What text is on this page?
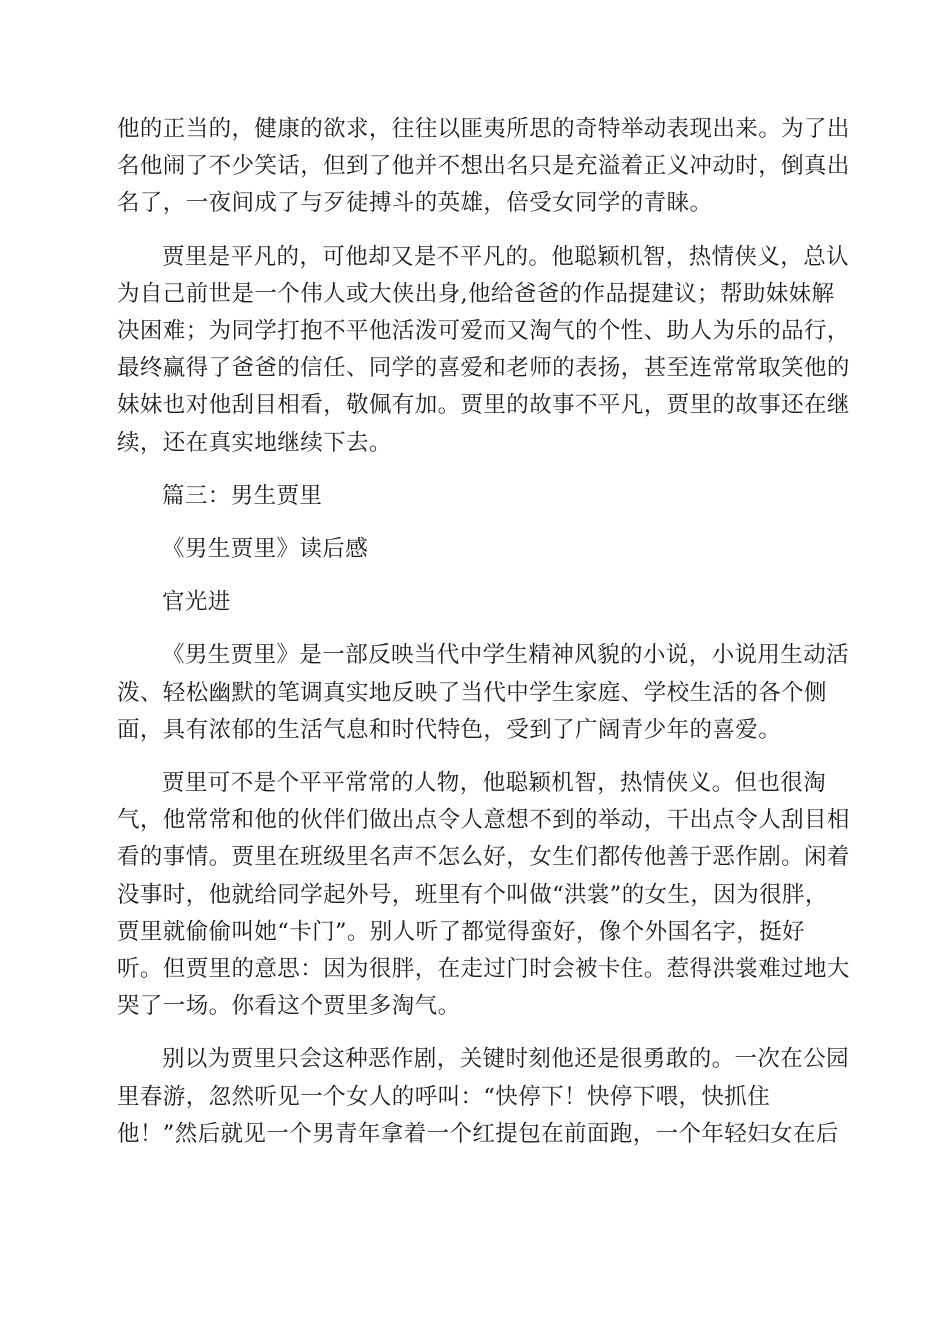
他的正当的，健康的欲求，往往以匪夷所思的奇特举动表现出来。为了出
名他闹了不少笑话，但到了他并不想出名只是充溢着正义冲动时，倒真出
名了，一夜间成了与歹徒搏斗的英雄，倍受女同学的青睐。

贾里是平凡的，可他却又是不平凡的。他聪颖机智，热情侠义，总认
为自己前世是一个伟人或大侠出身,他给爸爸的作品提建议；帮助妹妹解
决困难；为同学打抱不平他活泼可爱而又淘气的个性、助人为乐的品行，
最终赢得了爸爸的信任、同学的喜爱和老师的表扬，甚至连常常取笑他的
妹妹也对他刮目相看，敬佩有加。贾里的故事不平凡，贾里的故事还在继
续，还在真实地继续下去。

篇三：男生贾里

《男生贾里》读后感

官光进

《男生贾里》是一部反映当代中学生精神风貌的小说，小说用生动活
泼、轻松幽默的笔调真实地反映了当代中学生家庭、学校生活的各个侧
面，具有浓郁的生活气息和时代特色，受到了广阔青少年的喜爱。

贾里可不是个平平常常的人物，他聪颖机智，热情侠义。但也很淘
气，他常常和他的伙伴们做出点令人意想不到的举动，干出点令人刮目相
看的事情。贾里在班级里名声不怎么好，女生们都传他善于恶作剧。闲着
没事时，他就给同学起外号，班里有个叫做“洪裳”的女生，因为很胖，
贾里就偷偷叫她“卡门”。别人听了都觉得蛮好，像个外国名字，挺好
听。但贾里的意思：因为很胖，在走过门时会被卡住。惹得洪裳难过地大
哭了一场。你看这个贾里多淘气。

别以为贾里只会这种恶作剧，关键时刻他还是很勇敢的。一次在公园
里春游，忽然听见一个女人的呼叫：“快停下！快停下喂，快抓住
他！”然后就见一个男青年拿着一个红提包在前面跑，一个年轻妇女在后
